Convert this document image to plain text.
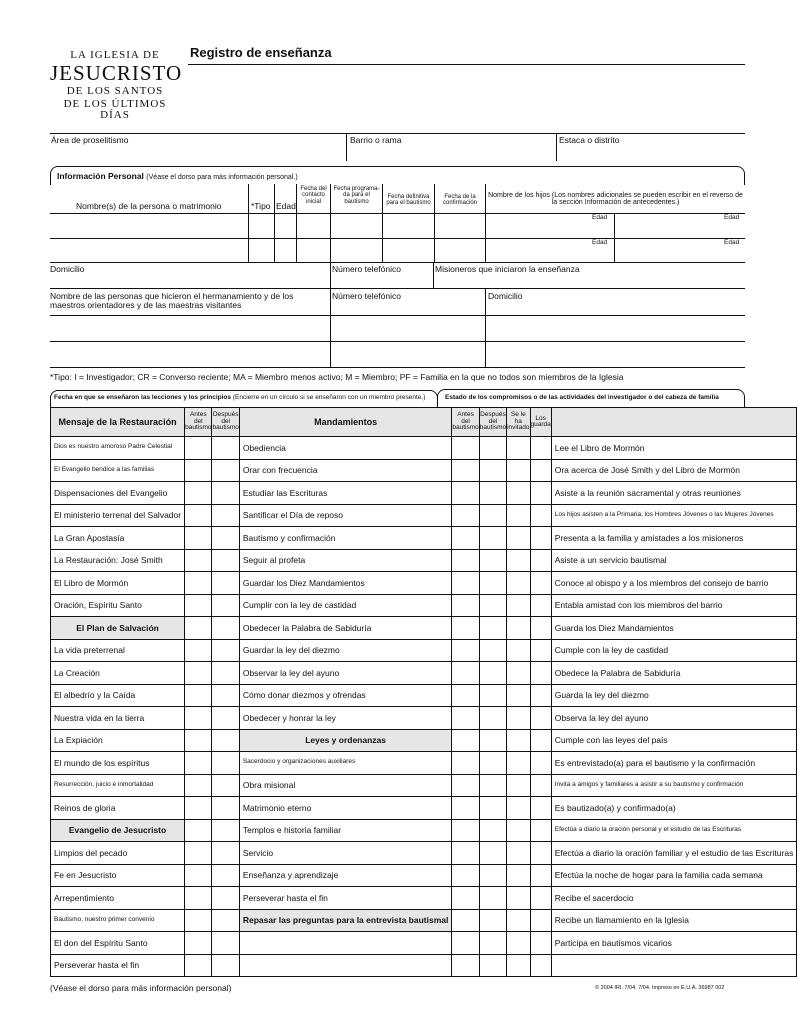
LA IGLESIA DE
JESUCRISTO
DE LOS SANTOS
DE LOS ÚLTIMOS DÍAS
Registro de enseñanza
Área de proselitismo	Barrio o rama	Estaca o distrito
Información Personal (Véase el dorso para más información personal.)
Nombre(s) de la persona o matrimonio	*Tipo Edad
Fecha del contacto inicial
Fecha programa-da para el bautismo
Fecha definitiva para el bautismo
Fecha de la confirmación
Nombre de los hijos (Los nombres adicionales se pueden escribir en el reverso de la sección Información de antecedentes.)
Edad	Edad
Edad	Edad
Domicilio	Número telefónico	Misioneros que iniciaron la enseñanza
Nombre de las personas que hicieron el hermanamiento y de los maestros orientadores y de las maestras visitantes
Número telefónico	Domicilio
*Tipo: I = Investigador; CR = Converso reciente; MA = Miembro menos activo; M = Miembro; PF = Familia en la que no todos son miembros de la Iglesia
Fecha en que se enseñaron las lecciones y los principios (Encierre en un círculo si se enseñaron con un miembro presente.)	Estado de los compromisos o de las actividades del investigador o del cabeza de familia
Mensaje de la Restauración	Antes del bautismo	Después del bautismo	Mandamientos	Antes del bautismo	Después del bautismo	Se le ha invitado	Los guarda	
Dios es nuestro amoroso Padre Celestial			Obediencia					Lee el Libro de Mormón
El Evangelio bendice a las familias			Orar con frecuencia					Ora acerca de José Smith y del Libro de Mormón
Dispensaciones del Evangelio			Estudiar las Escrituras					Asiste a la reunión sacramental y otras reuniones
El ministerio terrenal del Salvador			Santificar el Día de reposo					Los hijos asisten a la Primaria, los Hombres Jóvenes o las Mujeres Jóvenes
La Gran Apostasía			Bautismo y confirmación					Presenta a la familia y amistades a los misioneros
La Restauración: José Smith			Seguir al profeta					Asiste a un servicio bautismal
El Libro de Mormón			Guardar los Diez Mandamientos					Conoce al obispo y a los miembros del consejo de barrio
Oración, Espíritu Santo			Cumplir con la ley de castidad					Entabla amistad con los miembros del barrio
El Plan de Salvación			Obedecer la Palabra de Sabiduría					Guarda los Diez Mandamientos
La vida preterrenal			Guardar la ley del diezmo					Cumple con la ley de castidad
La Creación			Observar la ley del ayuno					Obedece la Palabra de Sabiduría
El albedrío y la Caída			Cómo donar diezmos y ofrendas					Guarda la ley del diezmo
Nuestra vida en la tierra			Obedecer y honrar la ley					Observa la ley del ayuno
La Expiación			Leyes y ordenanzas					Cumple con las leyes del país
El mundo de los espíritus			Sacerdocio y organizaciones auxiliares					Es entrevistado(a) para el bautismo y la confirmación
Resurrección, juicio e inmortalidad			Obra misional					Invita a amigos y familiares a asistir a su bautismo y confirmación
Reinos de gloria			Matrimonio eterno					Es bautizado(a) y confirmado(a)
Evangelio de Jesucristo			Templos e historia familiar					Efectúa a diario la oración personal y el estudio de las Escrituras
Limpios del pecado			Servicio					Efectúa a diario la oración familiar y el estudio de las Escrituras
Fe en Jesucristo			Enseñanza y aprendizaje					Efectúa la noche de hogar para la familia cada semana
Arrepentimiento			Perseverar hasta el fin					Recibe el sacerdocio
Bautismo, nuestro primer convenio			Repasar las preguntas para la entrevista bautismal					Recibe un llamamiento en la Iglesia
El don del Espíritu Santo								Participa en bautismos vicarios
Perseverar hasta el fin								
(Véase el dorso para más información personal)	© 2004 IRI. 7/04. 7/04. Impreso en E.U.A. 36987 002
